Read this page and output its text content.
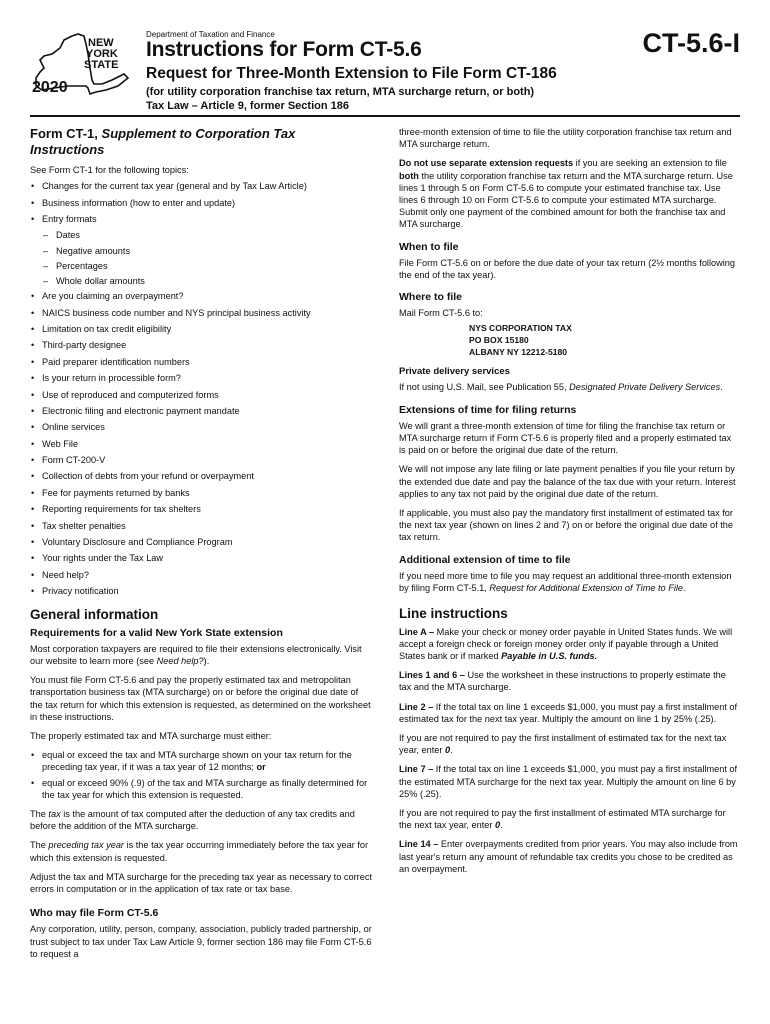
NEW
YORK
STATE
2020
Department of Taxation and Finance
Instructions for Form CT-5.6	CT-5.6-I
Request for Three-Month Extension to File Form CT-186
(for utility corporation franchise tax return, MTA surcharge return, or both)
Tax Law – Article 9, former Section 186
Form CT-1, Supplement to Corporation Tax Instructions

See Form CT-1 for the following topics:

• Changes for the current tax year (general and by Tax Law Article)
• Business information (how to enter and update)
• Entry formats
– Dates
– Negative amounts
– Percentages
– Whole dollar amounts
• Are you claiming an overpayment?
• NAICS business code number and NYS principal business activity
• Limitation on tax credit eligibility
• Third-party designee
• Paid preparer identification numbers
• Is your return in processible form?
• Use of reproduced and computerized forms
• Electronic filing and electronic payment mandate
• Online services
• Web File
• Form CT-200-V
• Collection of debts from your refund or overpayment
• Fee for payments returned by banks
• Reporting requirements for tax shelters
• Tax shelter penalties
• Voluntary Disclosure and Compliance Program
• Your rights under the Tax Law
• Need help?
• Privacy notification
General information
Requirements for a valid New York State extension

Most corporation taxpayers are required to file their extensions electronically. Visit our website to learn more (see Need help?).

You must file Form CT-5.6 and pay the properly estimated tax and metropolitan transportation business tax (MTA surcharge) on or before the original due date of the tax return for which this extension is requested, as determined on the worksheet in these instructions.

The properly estimated tax and MTA surcharge must either:

• equal or exceed the tax and MTA surcharge shown on your tax return for the preceding tax year, if it was a tax year of 12 months; or
• equal or exceed 90% (.9) of the tax and MTA surcharge as finally determined for the tax year for which this extension is requested.

The tax is the amount of tax computed after the deduction of any tax credits and before the addition of the MTA surcharge.

The preceding tax year is the tax year occurring immediately before the tax year for which this extension is requested.

Adjust the tax and MTA surcharge for the preceding tax year as necessary to correct errors in computation or in the application of tax rate or tax base.

Who may file Form CT-5.6

Any corporation, utility, person, company, association, publicly traded partnership, or trust subject to tax under Tax Law Article 9, former section 186 may file Form CT-5.6 to request a

three-month extension of time to file the utility corporation franchise tax return and MTA surcharge return.

Do not use separate extension requests if you are seeking an extension to file both the utility corporation franchise tax return and the MTA surcharge return. Use lines 1 through 5 on Form CT-5.6 to compute your estimated franchise tax. Use lines 6 through 10 on Form CT-5.6 to compute your estimated MTA surcharge. Submit only one payment of the combined amount for both the franchise tax and MTA surcharge.

When to file

File Form CT-5.6 on or before the due date of your tax return (2½ months following the end of the tax year).

Where to file

Mail Form CT-5.6 to:

NYS CORPORATION TAX
PO BOX 15180
ALBANY NY 12212-5180
Private delivery services

If not using U.S. Mail, see Publication 55, Designated Private Delivery Services.

Extensions of time for filing returns

We will grant a three-month extension of time for filing the franchise tax return or MTA surcharge return if Form CT-5.6 is properly filed and a properly estimated tax is paid on or before the original due date of the return.

We will not impose any late filing or late payment penalties if you file your return by the extended due date and pay the balance of the tax due with your return. Interest applies to any tax not paid by the original due date of the return.

If applicable, you must also pay the mandatory first installment of estimated tax for the next tax year (shown on lines 2 and 7) on or before the original due date of the tax return.

Additional extension of time to file

If you need more time to file you may request an additional three-month extension by filing Form CT-5.1, Request for Additional Extension of Time to File.

Line instructions

Line A – Make your check or money order payable in United States funds. We will accept a foreign check or foreign money order only if payable through a United States bank or if marked Payable in U.S. funds.

Lines 1 and 6 – Use the worksheet in these instructions to properly estimate the tax and the MTA surcharge.

Line 2 – If the total tax on line 1 exceeds $1,000, you must pay a first installment of estimated tax for the next tax year. Multiply the amount on line 1 by 25% (.25).

If you are not required to pay the first installment of estimated tax for the next tax year, enter 0.

Line 7 – If the total tax on line 1 exceeds $1,000, you must pay a first installment of the estimated MTA surcharge for the next tax year. Multiply the amount on line 6 by 25% (.25).

If you are not required to pay the first installment of estimated MTA surcharge for the next tax year, enter 0.

Line 14 – Enter overpayments credited from prior years. You may also include from last year's return any amount of refundable tax credits you chose to be credited as an overpayment.
